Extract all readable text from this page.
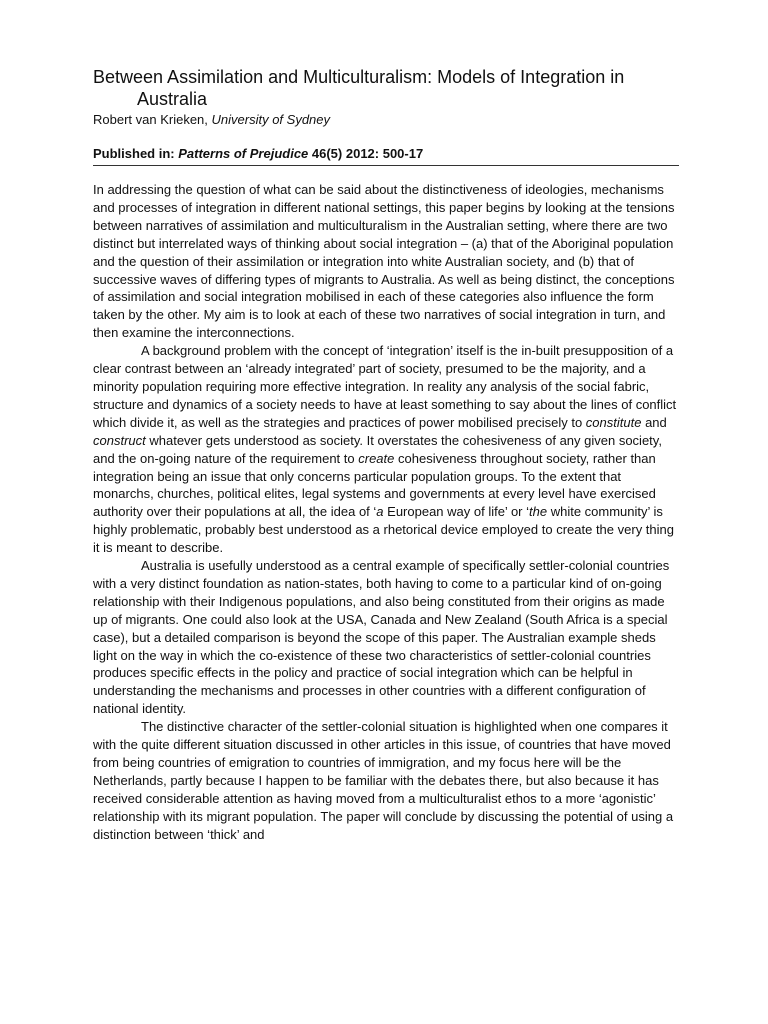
Between Assimilation and Multiculturalism: Models of Integration in Australia
Robert van Krieken, University of Sydney
Published in: Patterns of Prejudice 46(5) 2012: 500-17

In addressing the question of what can be said about the distinctiveness of ideologies, mechanisms and processes of integration in different national settings, this paper begins by looking at the tensions between narratives of assimilation and multiculturalism in the Australian setting, where there are two distinct but interrelated ways of thinking about social integration – (a) that of the Aboriginal population and the question of their assimilation or integration into white Australian society, and (b) that of successive waves of differing types of migrants to Australia. As well as being distinct, the conceptions of assimilation and social integration mobilised in each of these categories also influence the form taken by the other. My aim is to look at each of these two narratives of social integration in turn, and then examine the interconnections.

A background problem with the concept of ‘integration’ itself is the in-built presupposition of a clear contrast between an ‘already integrated’ part of society, presumed to be the majority, and a minority population requiring more effective integration. In reality any analysis of the social fabric, structure and dynamics of a society needs to have at least something to say about the lines of conflict which divide it, as well as the strategies and practices of power mobilised precisely to constitute and construct whatever gets understood as society. It overstates the cohesiveness of any given society, and the on-going nature of the requirement to create cohesiveness throughout society, rather than integration being an issue that only concerns particular population groups. To the extent that monarchs, churches, political elites, legal systems and governments at every level have exercised authority over their populations at all, the idea of ‘a European way of life’ or ‘the white community’ is highly problematic, probably best understood as a rhetorical device employed to create the very thing it is meant to describe.

Australia is usefully understood as a central example of specifically settler-colonial countries with a very distinct foundation as nation-states, both having to come to a particular kind of on-going relationship with their Indigenous populations, and also being constituted from their origins as made up of migrants. One could also look at the USA, Canada and New Zealand (South Africa is a special case), but a detailed comparison is beyond the scope of this paper. The Australian example sheds light on the way in which the co-existence of these two characteristics of settler-colonial countries produces specific effects in the policy and practice of social integration which can be helpful in understanding the mechanisms and processes in other countries with a different configuration of national identity.

The distinctive character of the settler-colonial situation is highlighted when one compares it with the quite different situation discussed in other articles in this issue, of countries that have moved from being countries of emigration to countries of immigration, and my focus here will be the Netherlands, partly because I happen to be familiar with the debates there, but also because it has received considerable attention as having moved from a multiculturalist ethos to a more ‘agonistic’ relationship with its migrant population. The paper will conclude by discussing the potential of using a distinction between ‘thick’ and
